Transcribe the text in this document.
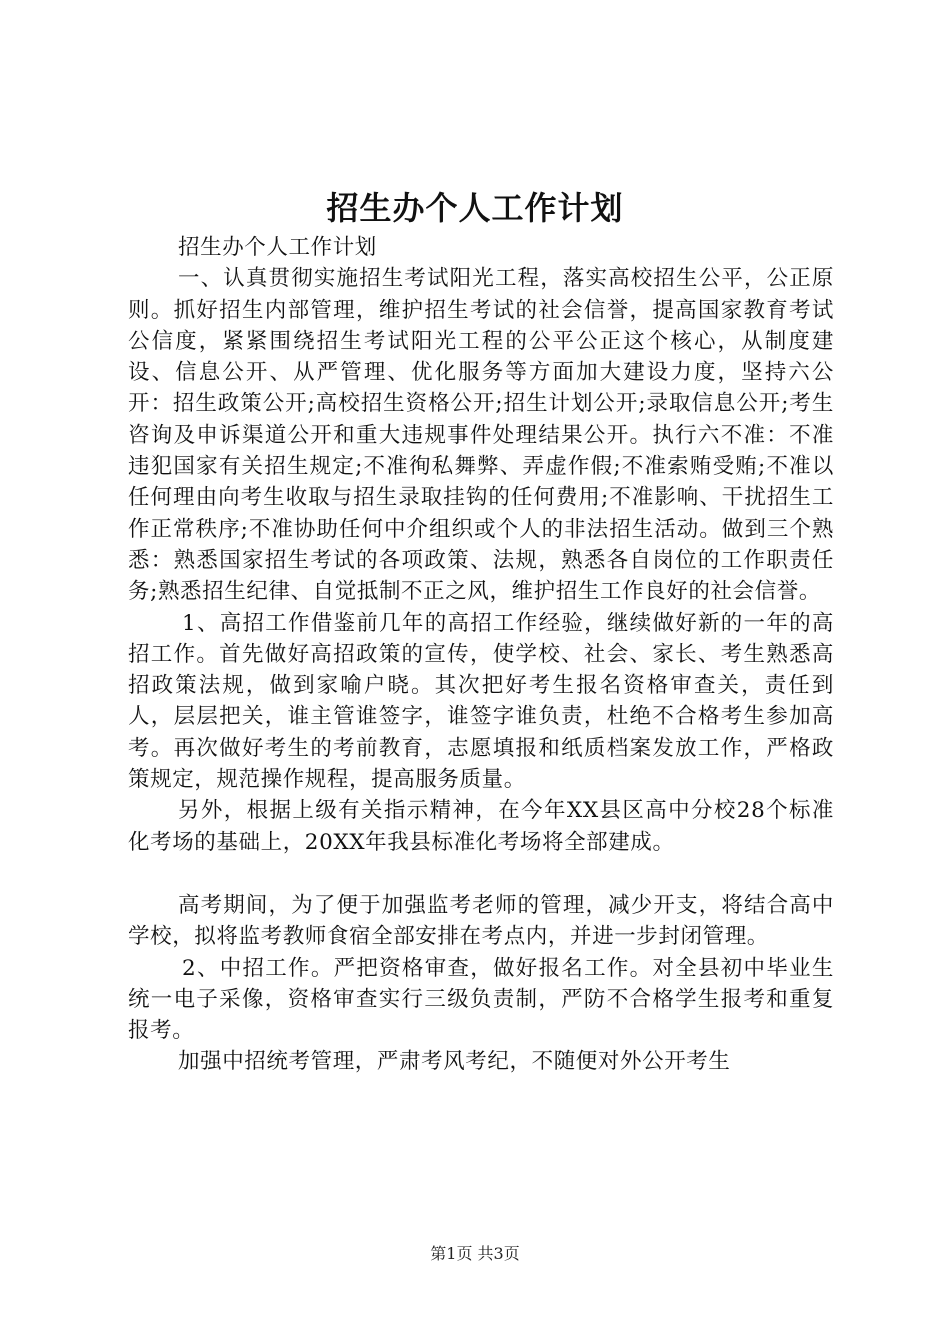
招生办个人工作计划

招生办个人工作计划

一、认真贯彻实施招生考试阳光工程，落实高校招生公平，公正原则。抓好招生内部管理，维护招生考试的社会信誉，提高国家教育考试公信度，紧紧围绕招生考试阳光工程的公平公正这个核心，从制度建设、信息公开、从严管理、优化服务等方面加大建设力度，坚持六公开：招生政策公开;高校招生资格公开;招生计划公开;录取信息公开;考生咨询及申诉渠道公开和重大违规事件处理结果公开。执行六不准：不准违犯国家有关招生规定;不准徇私舞弊、弄虚作假;不准索贿受贿;不准以任何理由向考生收取与招生录取挂钩的任何费用;不准影响、干扰招生工作正常秩序;不准协助任何中介组织或个人的非法招生活动。做到三个熟悉：熟悉国家招生考试的各项政策、法规，熟悉各自岗位的工作职责任务;熟悉招生纪律、自觉抵制不正之风，维护招生工作良好的社会信誉。

1、高招工作借鉴前几年的高招工作经验，继续做好新的一年的高招工作。首先做好高招政策的宣传，使学校、社会、家长、考生熟悉高招政策法规，做到家喻户晓。其次把好考生报名资格审查关，责任到人，层层把关，谁主管谁签字，谁签字谁负责，杜绝不合格考生参加高考。再次做好考生的考前教育，志愿填报和纸质档案发放工作，严格政策规定，规范操作规程，提高服务质量。

另外，根据上级有关指示精神，在今年XX县区高中分校28个标准化考场的基础上，20XX年我县标准化考场将全部建成。

高考期间，为了便于加强监考老师的管理，减少开支，将结合高中学校，拟将监考教师食宿全部安排在考点内，并进一步封闭管理。

2、中招工作。严把资格审查，做好报名工作。对全县初中毕业生统一电子采像，资格审查实行三级负责制，严防不合格学生报考和重复报考。

加强中招统考管理，严肃考风考纪，不随便对外公开考生

第1页 共3页
